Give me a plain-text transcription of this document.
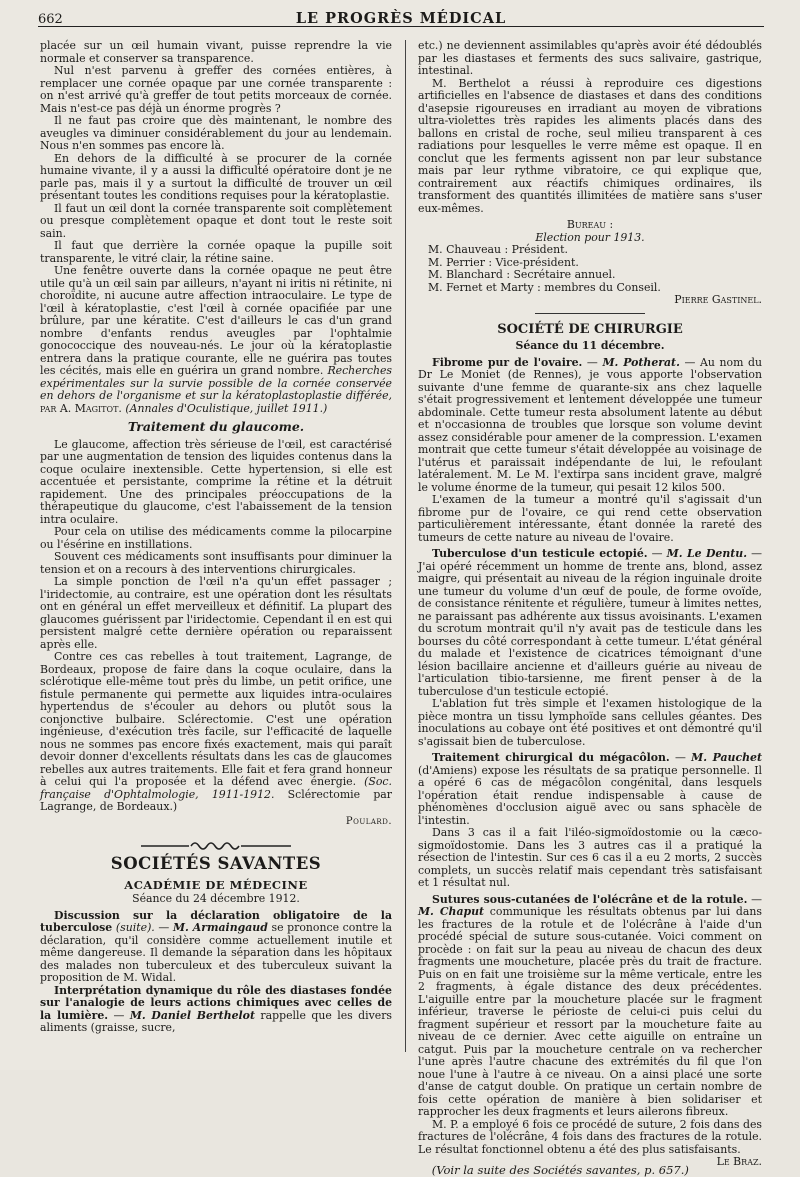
662	LE PROGRÈS MÉDICAL

placée sur un œil humain vivant, puisse reprendre la vie normale et conserver sa transparence.

Nul n'est parvenu à greffer des cornées entières, à remplacer une cornée opaque par une cornée transparente : on n'est arrivé qu'à greffer de tout petits morceaux de cornée. Mais n'est-ce pas déjà un énorme progrès ?

Il ne faut pas croire que dès maintenant, le nombre des aveugles va diminuer considérablement du jour au lendemain. Nous n'en sommes pas encore là.

En dehors de la difficulté à se procurer de la cornée humaine vivante, il y a aussi la difficulté opératoire dont je ne parle pas, mais il y a surtout la difficulté de trouver un œil présentant toutes les conditions requises pour la kératoplastie.

Il faut un œil dont la cornée transparente soit complètement ou presque complètement opaque et dont tout le reste soit sain.

Il faut que derrière la cornée opaque la pupille soit transparente, le vitré clair, la rétine saine.

Une fenêtre ouverte dans la cornée opaque ne peut être utile qu'à un œil sain par ailleurs, n'ayant ni iritis ni rétinite, ni choroïdite, ni aucune autre affection intraoculaire. Le type de l'œil à kératoplastie, c'est l'œil à cornée opacifiée par une brûlure, par une kératite. C'est d'ailleurs le cas d'un grand nombre d'enfants rendus aveugles par l'ophtalmie gonococcique des nouveau-nés. Le jour où la kératoplastie entrera dans la pratique courante, elle ne guérira pas toutes les cécités, mais elle en guérira un grand nombre. Recherches expérimentales sur la survie possible de la cornée conservée en dehors de l'organisme et sur la kératoplastoplastie différée, par A. Magitot. (Annales d'Oculistique, juillet 1911.)

Traitement du glaucome.

Le glaucome, affection très sérieuse de l'œil, est caractérisé par une augmentation de tension des liquides contenus dans la coque oculaire inextensible. Cette hypertension, si elle est accentuée et persistante, comprime la rétine et la détruit rapidement. Une des principales préoccupations de la thérapeutique du glaucome, c'est l'abaissement de la tension intra oculaire.

Pour cela on utilise des médicaments comme la pilocarpine ou l'ésérine en instillations.

Souvent ces médicaments sont insuffisants pour diminuer la tension et on a recours à des interventions chirurgicales.

La simple ponction de l'œil n'a qu'un effet passager ; l'iridectomie, au contraire, est une opération dont les résultats ont en général un effet merveilleux et définitif. La plupart des glaucomes guérissent par l'iridectomie. Cependant il en est qui persistent malgré cette dernière opération ou reparaissent après elle.

Contre ces cas rebelles à tout traitement, Lagrange, de Bordeaux, propose de faire dans la coque oculaire, dans la sclérotique elle-même tout près du limbe, un petit orifice, une fistule permanente qui permette aux liquides intra-oculaires hypertendus de s'écouler au dehors ou plutôt sous la conjonctive bulbaire. Sclérectomie. C'est une opération ingénieuse, d'exécution très facile, sur l'efficacité de laquelle nous ne sommes pas encore fixés exactement, mais qui paraît devoir donner d'excellents résultats dans les cas de glaucomes rebelles aux autres traitements. Elle fait et fera grand honneur à celui qui l'a proposée et la défend avec énergie. (Soc. française d'Ophtalmologie, 1911-1912. Sclérectomie par Lagrange, de Bordeaux.)

Poulard.
SOCIÉTÉS SAVANTES
ACADÉMIE DE MÉDECINE
Séance du 24 décembre 1912.

Discussion sur la déclaration obligatoire de la tuberculose (suite). — M. Armaingaud se prononce contre la déclaration, qu'il considère comme actuellement inutile et même dangereuse. Il demande la séparation dans les hôpitaux des malades non tuberculeux et des tuberculeux suivant la proposition de M. Widal.

Interprétation dynamique du rôle des diastases fondée sur l'analogie de leurs actions chimiques avec celles de la lumière. — M. Daniel Berthelot rappelle que les divers aliments (graisse, sucre,

etc.) ne deviennent assimilables qu'après avoir été dédoublés par les diastases et ferments des sucs salivaire, gastrique, intestinal.

M. Berthelot a réussi à reproduire ces digestions artificielles en l'absence de diastases et dans des conditions d'asepsie rigoureuses en irradiant au moyen de vibrations ultra-violettes très rapides les aliments placés dans des ballons en cristal de roche, seul milieu transparent à ces radiations pour lesquelles le verre même est opaque. Il en conclut que les ferments agissent non par leur substance mais par leur rythme vibratoire, ce qui explique que, contrairement aux réactifs chimiques ordinaires, ils transforment des quantités illimitées de matière sans s'user eux-mêmes.

Bureau :
Election pour 1913.

M. Chauveau : Président.

M. Perrier : Vice-président.

M. Blanchard : Secrétaire annuel.

M. Fernet et Marty : membres du Conseil.

Pierre Gastinel.
SOCIÉTÉ DE CHIRURGIE
Séance du 11 décembre.

Fibrome pur de l'ovaire. — M. Potherat. — Au nom du Dr Le Moniet (de Rennes), je vous apporte l'observation suivante d'une femme de quarante-six ans chez laquelle s'était progressivement et lentement développée une tumeur abdominale. Cette tumeur resta absolument latente au début et n'occasionna de troubles que lorsque son volume devint assez considérable pour amener de la compression. L'examen montrait que cette tumeur s'était développée au voisinage de l'utérus et paraissait indépendante de lui, le refoulant latéralement. M. Le M. l'extirpa sans incident grave, malgré le volume énorme de la tumeur, qui pesait 12 kilos 500.

L'examen de la tumeur a montré qu'il s'agissait d'un fibrome pur de l'ovaire, ce qui rend cette observation particulièrement intéressante, étant donnée la rareté des tumeurs de cette nature au niveau de l'ovaire.

Tuberculose d'un testicule ectopié. — M. Le Dentu. — J'ai opéré récemment un homme de trente ans, blond, assez maigre, qui présentait au niveau de la région inguinale droite une tumeur du volume d'un œuf de poule, de forme ovoïde, de consistance rénitente et régulière, tumeur à limites nettes, ne paraissant pas adhérente aux tissus avoisinants. L'examen du scrotum montrait qu'il n'y avait pas de testicule dans les bourses du côté correspondant à cette tumeur. L'état général du malade et l'existence de cicatrices témoignant d'une lésion bacillaire ancienne et d'ailleurs guérie au niveau de l'articulation tibio-tarsienne, me firent penser à de la tuberculose d'un testicule ectopié.

L'ablation fut très simple et l'examen histologique de la pièce montra un tissu lymphoïde sans cellules géantes. Des inoculations au cobaye ont été positives et ont démontré qu'il s'agissait bien de tuberculose.

Traitement chirurgical du mégacôlon. — M. Pauchet (d'Amiens) expose les résultats de sa pratique personnelle. Il a opéré 6 cas de mégacôlon congénital, dans lesquels l'opération était rendue indispensable à cause de phénomènes d'occlusion aiguë avec ou sans sphacèle de l'intestin.

Dans 3 cas il a fait l'iléo-sigmoïdostomie ou la cæco-sigmoïdostomie. Dans les 3 autres cas il a pratiqué la résection de l'intestin. Sur ces 6 cas il a eu 2 morts, 2 succès complets, un succès relatif mais cependant très satisfaisant et 1 résultat nul.

Sutures sous-cutanées de l'olécrâne et de la rotule. — M. Chaput communique les résultats obtenus par lui dans les fractures de la rotule et de l'olécrâne à l'aide d'un procédé spécial de suture sous-cutanée. Voici comment on procède : on fait sur la peau au niveau de chacun des deux fragments une moucheture, placée près du trait de fracture. Puis on en fait une troisième sur la même verticale, entre les 2 fragments, à égale distance des deux précédentes. L'aiguille entre par la moucheture placée sur le fragment inférieur, traverse le périoste de celui-ci puis celui du fragment supérieur et ressort par la moucheture faite au niveau de ce dernier. Avec cette aiguille on entraîne un catgut. Puis par la moucheture centrale on va rechercher l'une après l'autre chacune des extrémités du fil que l'on noue l'une à l'autre à ce niveau. On a ainsi placé une sorte d'anse de catgut double. On pratique un certain nombre de fois cette opération de manière à bien solidariser et rapprocher les deux fragments et leurs ailerons fibreux.

M. P. a employé 6 fois ce procédé de suture, 2 fois dans des fractures de l'olécrâne, 4 fois dans des fractures de la rotule. Le résultat fonctionnel obtenu a été des plus satisfaisants.
Le Braz.

(Voir la suite des Sociétés savantes, p. 657.)
